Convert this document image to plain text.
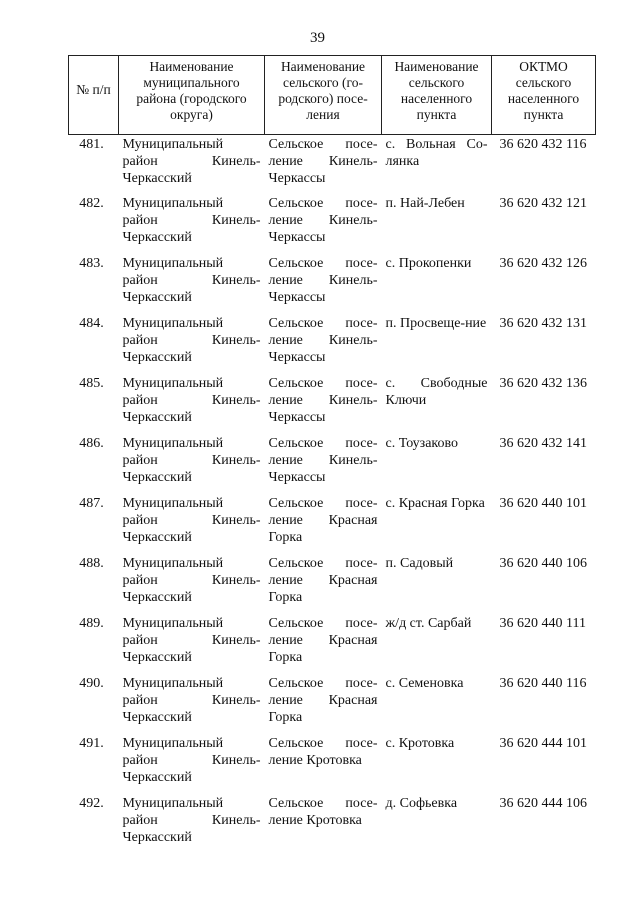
39
№ п/п	Наименование муниципального района (городского округа)	Наименование сельского (го-родского) посе-ления	Наименование сельского населенного пункта	ОКТМО сельского населенного пункта
481.	Муниципальный район Кинель-Черкасский	Сельское посе-ление Кинель-Черкассы	с. Вольная Со-лянка	36 620 432 116
482.	Муниципальный район Кинель-Черкасский	Сельское посе-ление Кинель-Черкассы	п. Най-Лебен	36 620 432 121
483.	Муниципальный район Кинель-Черкасский	Сельское посе-ление Кинель-Черкассы	с. Прокопенки	36 620 432 126
484.	Муниципальный район Кинель-Черкасский	Сельское посе-ление Кинель-Черкассы	п. Просвеще-ние	36 620 432 131
485.	Муниципальный район Кинель-Черкасский	Сельское посе-ление Кинель-Черкассы	с. Свободные Ключи	36 620 432 136
486.	Муниципальный район Кинель-Черкасский	Сельское посе-ление Кинель-Черкассы	с. Тоузаково	36 620 432 141
487.	Муниципальный район Кинель-Черкасский	Сельское посе-ление Красная Горка	с. Красная Горка	36 620 440 101
488.	Муниципальный район Кинель-Черкасский	Сельское посе-ление Красная Горка	п. Садовый	36 620 440 106
489.	Муниципальный район Кинель-Черкасский	Сельское посе-ление Красная Горка	ж/д ст. Сарбай	36 620 440 111
490.	Муниципальный район Кинель-Черкасский	Сельское посе-ление Красная Горка	с. Семеновка	36 620 440 116
491.	Муниципальный район Кинель-Черкасский	Сельское посе-ление Кротовка	с. Кротовка	36 620 444 101
492.	Муниципальный район Кинель-Черкасский	Сельское посе-ление Кротовка	д. Софьевка	36 620 444 106
